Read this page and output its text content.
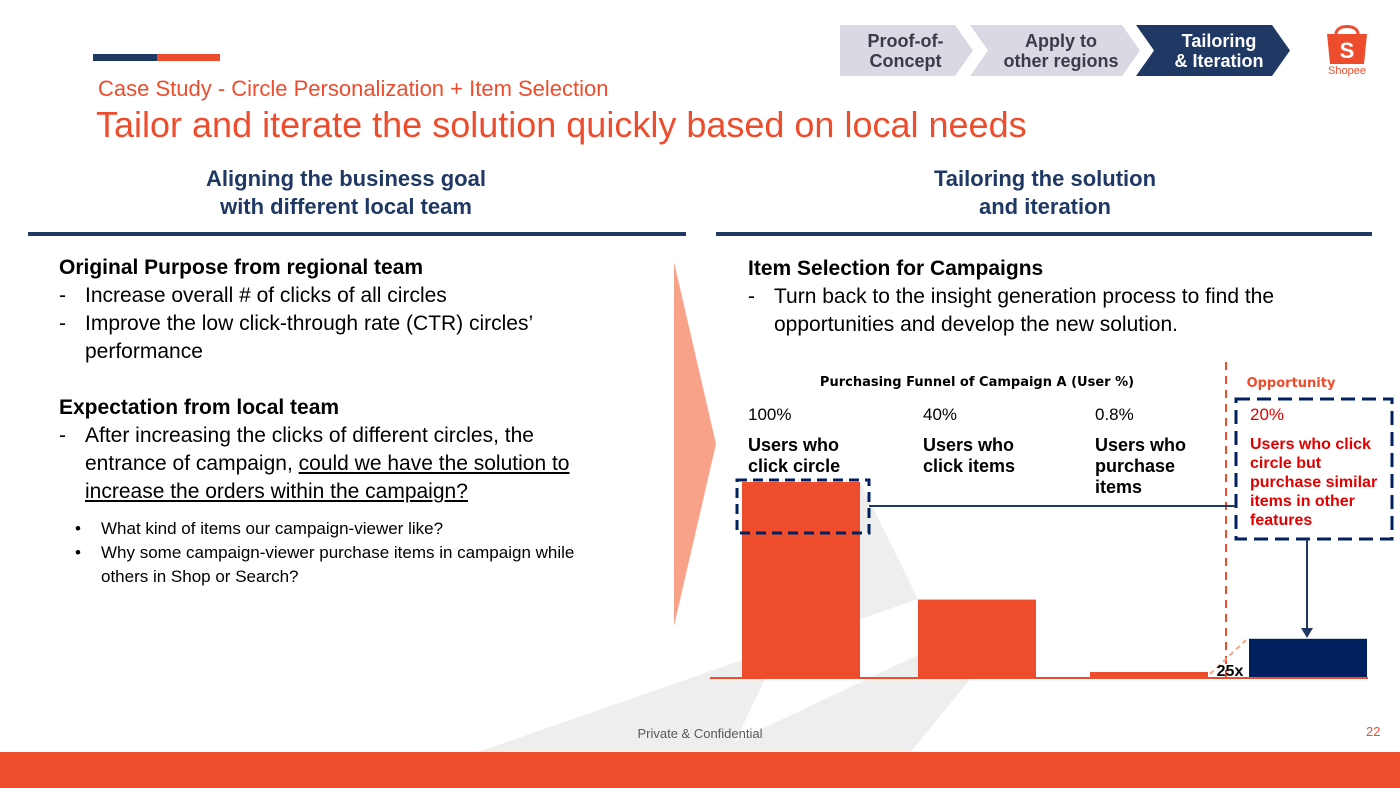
Case Study - Circle Personalization + Item Selection
Tailor and iterate the solution quickly based on local needs
Proof-of-
Concept
Apply to
other regions
Tailoring
& Iteration	S
Shopee
Aligning the business goal
with different local team
Tailoring the solution
and iteration
Original Purpose from regional team
- Increase overall # of clicks of all circles
- Improve the low click-through rate (CTR) circles’ performance
Expectation from local team
- After increasing the clicks of different circles, the entrance of campaign, could we have the solution to increase the orders within the campaign?
• What kind of items our campaign-viewer like?
• Why some campaign-viewer purchase items in campaign while others in Shop or Search?
Item Selection for Campaigns
- Turn back to the insight generation process to find the opportunities and develop the new solution.
Purchasing Funnel of Campaign A (User %)	Opportunity
25x
100%	40%	0.8%	20%
Users who click circle
Users who click items
Users who purchase items
Users who click circle but purchase similar items in other features
Private & Confidential	22
